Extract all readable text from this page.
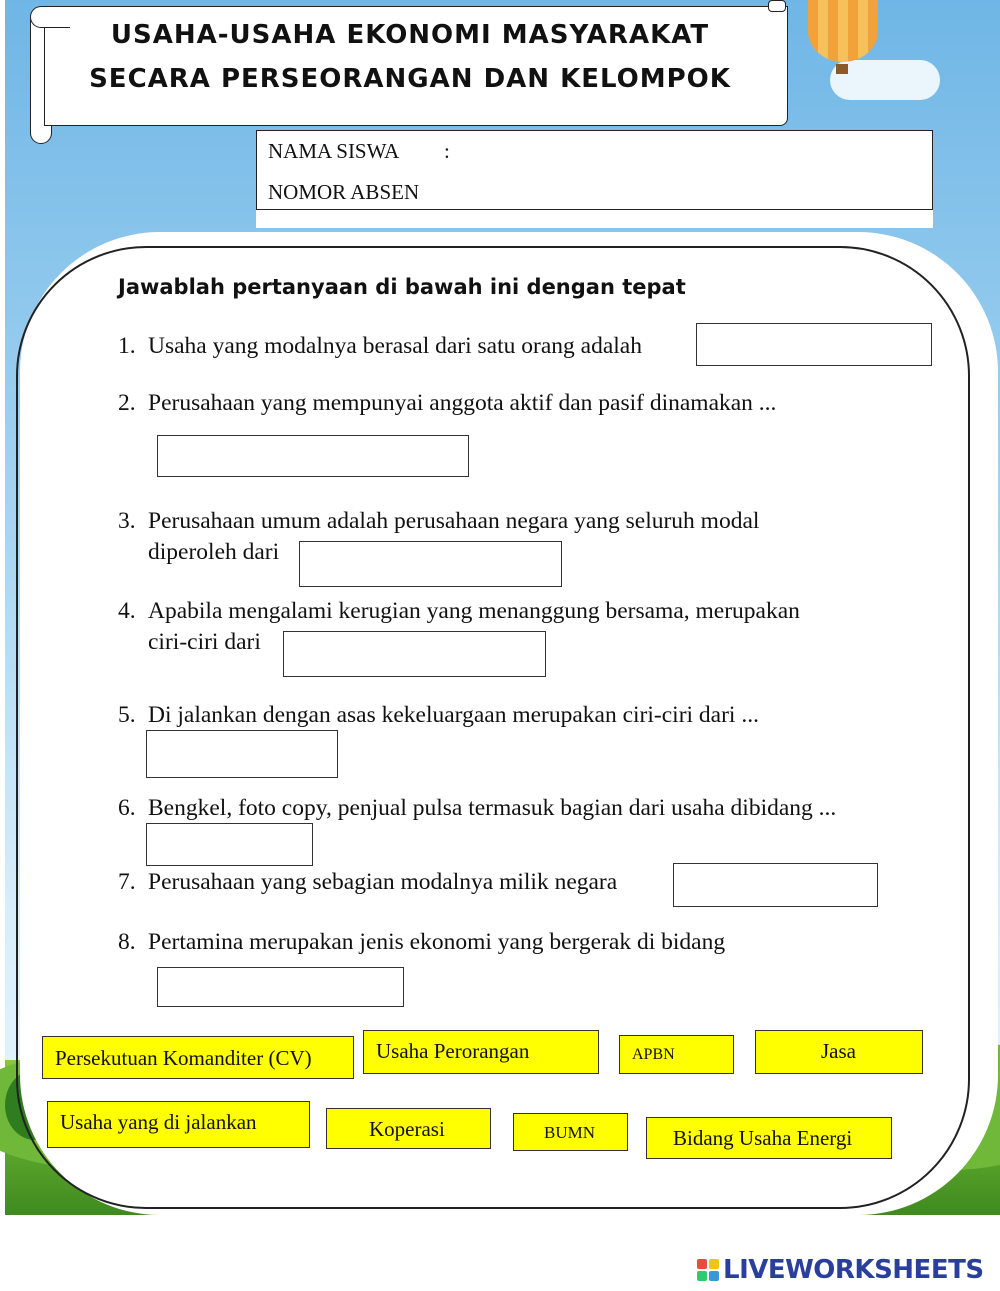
USAHA-USAHA EKONOMI MASYARAKAT
SECARA PERSEORANGAN DAN KELOMPOK
NAMA SISWA :
NOMOR ABSEN
Jawablah pertanyaan di bawah ini dengan tepat
1. Usaha yang modalnya berasal dari satu orang adalah
2. Perusahaan yang mempunyai anggota aktif dan pasif dinamakan ...
3. Perusahaan umum adalah perusahaan negara yang seluruh modal
diperoleh dari
4. Apabila mengalami kerugian yang menanggung bersama, merupakan
ciri-ciri dari
5. Di jalankan dengan asas kekeluargaan merupakan ciri-ciri dari ...
6. Bengkel, foto copy, penjual pulsa termasuk bagian dari usaha dibidang ...
7. Perusahaan yang sebagian modalnya milik negara
8. Pertamina merupakan jenis ekonomi yang bergerak di bidang
Persekutuan Komanditer (CV)	Usaha Perorangan	APBN	Jasa
Usaha yang di jalankan	Koperasi	BUMN	Bidang Usaha Energi
LIVEWORKSHEETS
